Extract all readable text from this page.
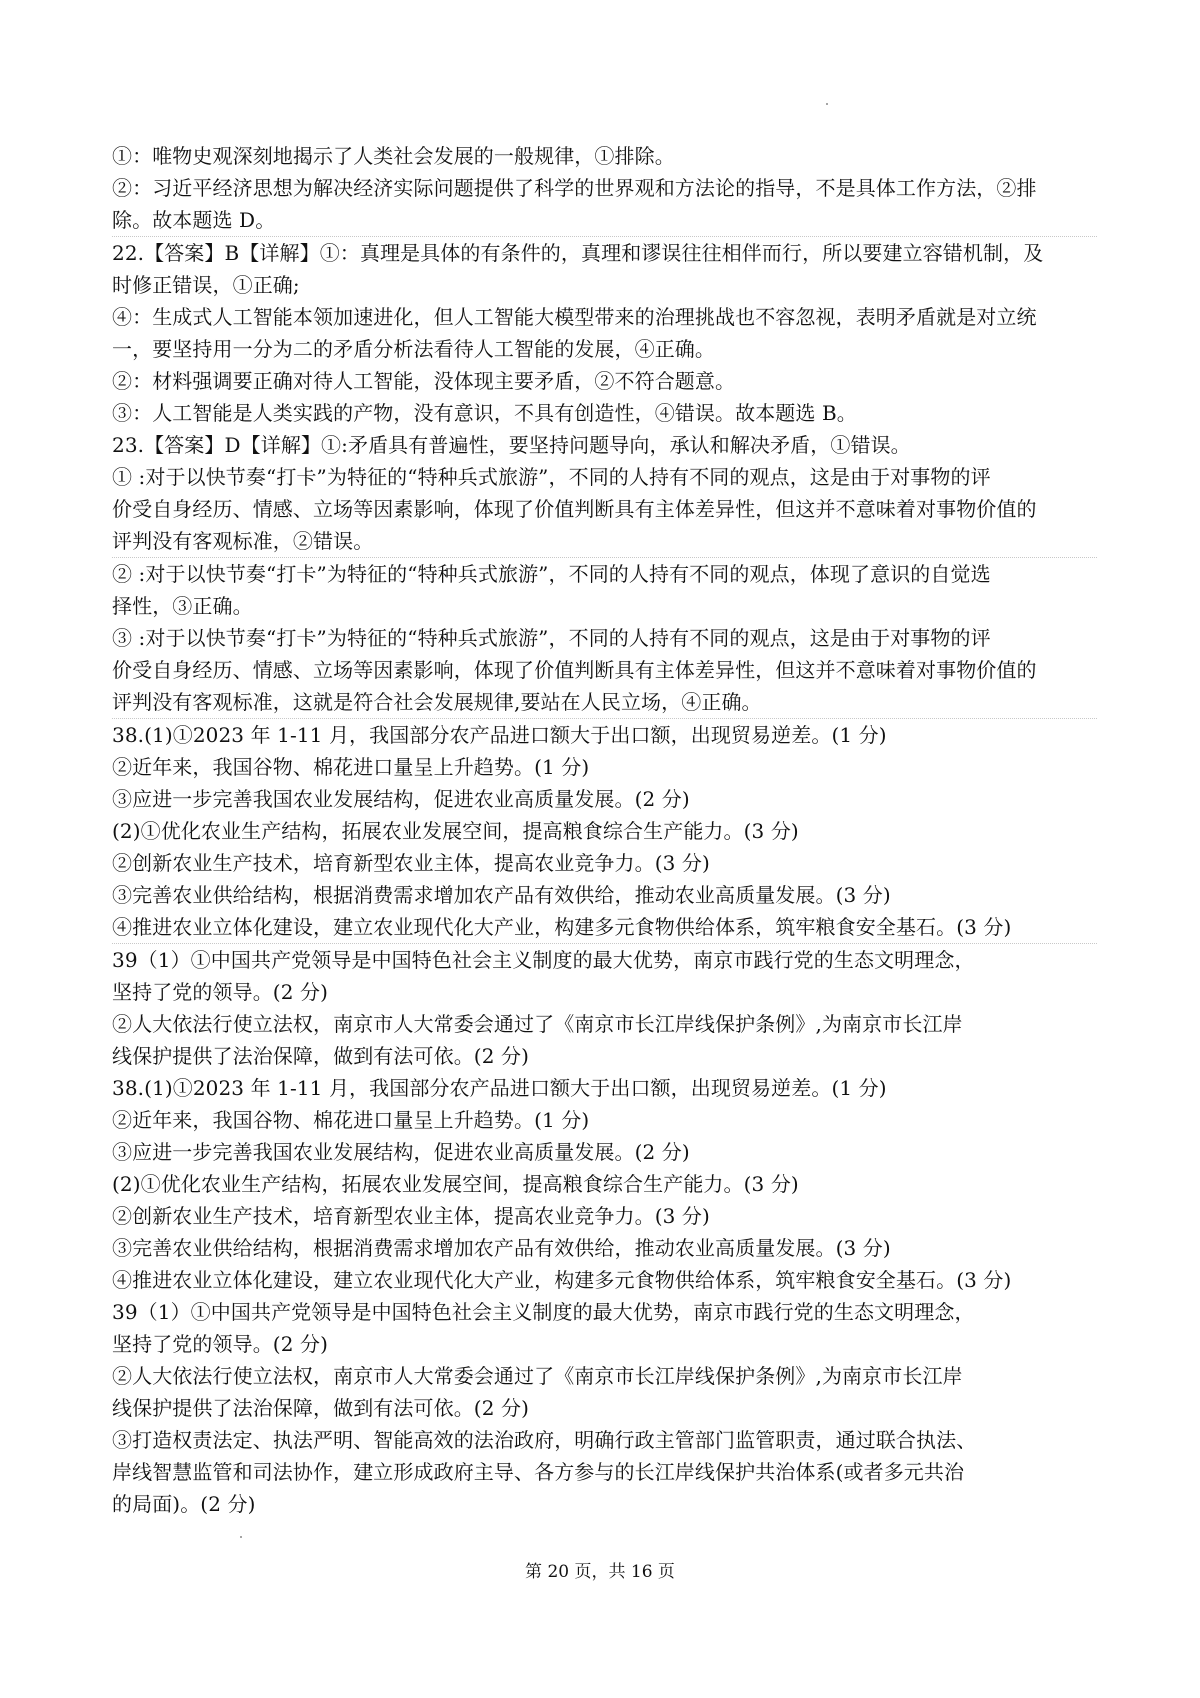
①：唯物史观深刻地揭示了人类社会发展的一般规律，①排除。
②：习近平经济思想为解决经济实际问题提供了科学的世界观和方法论的指导，不是具体工作方法，②排
除。故本题选 D。
22.【答案】B【详解】①：真理是具体的有条件的，真理和谬误往往相伴而行，所以要建立容错机制，及
时修正错误，①正确;
④：生成式人工智能本领加速进化，但人工智能大模型带来的治理挑战也不容忽视，表明矛盾就是对立统
一，要坚持用一分为二的矛盾分析法看待人工智能的发展，④正确。
②：材料强调要正确对待人工智能，没体现主要矛盾，②不符合题意。
③：人工智能是人类实践的产物，没有意识，不具有创造性，④错误。故本题选 B。
23.【答案】D【详解】①:矛盾具有普遍性，要坚持问题导向，承认和解决矛盾，①错误。
① :对于以快节奏“打卡”为特征的“特种兵式旅游”，不同的人持有不同的观点，这是由于对事物的评
价受自身经历、情感、立场等因素影响，体现了价值判断具有主体差异性，但这并不意味着对事物价值的
评判没有客观标准，②错误。
② :对于以快节奏“打卡”为特征的“特种兵式旅游”，不同的人持有不同的观点，体现了意识的自觉选
择性，③正确。
③ :对于以快节奏“打卡”为特征的“特种兵式旅游”，不同的人持有不同的观点，这是由于对事物的评
价受自身经历、情感、立场等因素影响，体现了价值判断具有主体差异性，但这并不意味着对事物价值的
评判没有客观标准，这就是符合社会发展规律,要站在人民立场，④正确。
38.(1)①2023 年 1-11 月，我国部分农产品进口额大于出口额，出现贸易逆差。(1 分)
②近年来，我国谷物、棉花进口量呈上升趋势。(1 分)
③应进一步完善我国农业发展结构，促进农业高质量发展。(2 分)
(2)①优化农业生产结构，拓展农业发展空间，提高粮食综合生产能力。(3 分)
②创新农业生产技术，培育新型农业主体，提高农业竞争力。(3 分)
③完善农业供给结构，根据消费需求增加农产品有效供给，推动农业高质量发展。(3 分)
④推进农业立体化建设，建立农业现代化大产业，构建多元食物供给体系，筑牢粮食安全基石。(3 分)
39（1）①中国共产党领导是中国特色社会主义制度的最大优势，南京市践行党的生态文明理念，
坚持了党的领导。(2 分)
②人大依法行使立法权，南京市人大常委会通过了《南京市长江岸线保护条例》,为南京市长江岸
线保护提供了法治保障，做到有法可依。(2 分)
38.(1)①2023 年 1-11 月，我国部分农产品进口额大于出口额，出现贸易逆差。(1 分)
②近年来，我国谷物、棉花进口量呈上升趋势。(1 分)
③应进一步完善我国农业发展结构，促进农业高质量发展。(2 分)
(2)①优化农业生产结构，拓展农业发展空间，提高粮食综合生产能力。(3 分)
②创新农业生产技术，培育新型农业主体，提高农业竞争力。(3 分)
③完善农业供给结构，根据消费需求增加农产品有效供给，推动农业高质量发展。(3 分)
④推进农业立体化建设，建立农业现代化大产业，构建多元食物供给体系，筑牢粮食安全基石。(3 分)
39（1）①中国共产党领导是中国特色社会主义制度的最大优势，南京市践行党的生态文明理念，
坚持了党的领导。(2 分)
②人大依法行使立法权，南京市人大常委会通过了《南京市长江岸线保护条例》,为南京市长江岸
线保护提供了法治保障，做到有法可依。(2 分)
③打造权责法定、执法严明、智能高效的法治政府，明确行政主管部门监管职责，通过联合执法、
岸线智慧监管和司法协作，建立形成政府主导、各方参与的长江岸线保护共治体系(或者多元共治
的局面)。(2 分)
第 20 页，共 16 页
